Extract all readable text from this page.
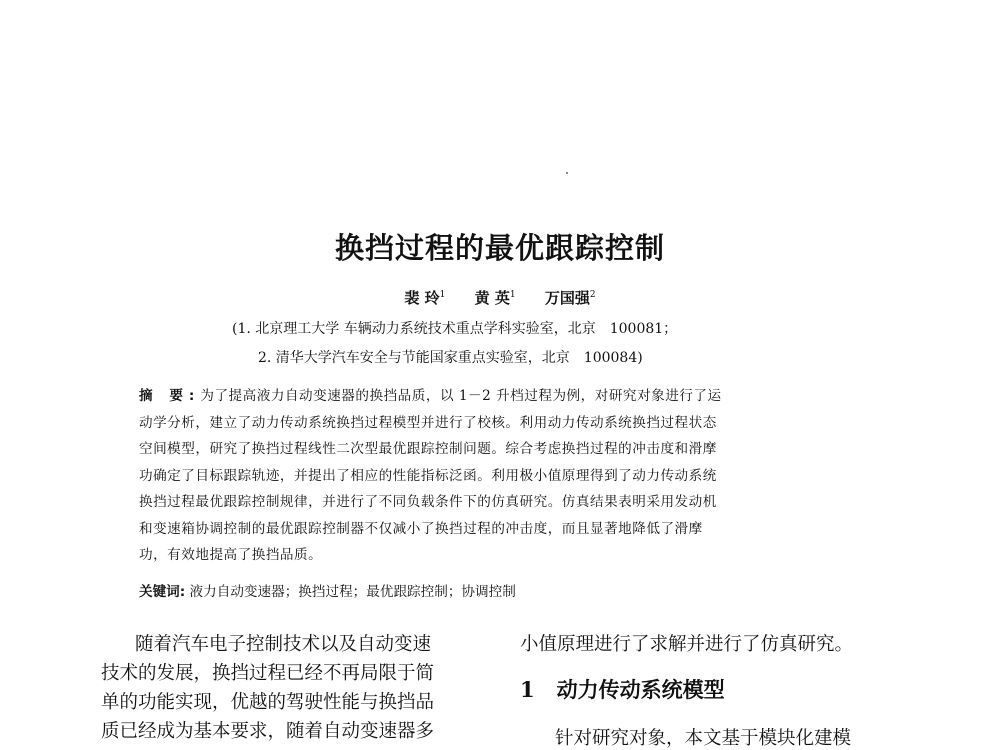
换挡过程的最优跟踪控制
裴 玲$^1$ 黄 英$^1$ 万国强$^2$
(1. 北京理工大学 车辆动力系统技术重点学科实验室，北京　100081；
2. 清华大学汽车安全与节能国家重点实验室，北京　100084)
摘 要:为了提高液力自动变速器的换挡品质，以 1－2 升档过程为例，对研究对象进行了运
动学分析，建立了动力传动系统换挡过程模型并进行了校核。利用动力传动系统换挡过程状态
空间模型，研究了换挡过程线性二次型最优跟踪控制问题。综合考虑换挡过程的冲击度和滑摩
功确定了目标跟踪轨迹，并提出了相应的性能指标泛函。利用极小值原理得到了动力传动系统
换挡过程最优跟踪控制规律，并进行了不同负载条件下的仿真研究。仿真结果表明采用发动机
和变速箱协调控制的最优跟踪控制器不仅减小了换挡过程的冲击度，而且显著地降低了滑摩
功，有效地提高了换挡品质。
关键词: 液力自动变速器；换挡过程；最优跟踪控制；协调控制
随着汽车电子控制技术以及自动变速
技术的发展，换挡过程已经不再局限于简
单的功能实现，优越的驾驶性能与换挡品
质已经成为基本要求，随着自动变速器多
小值原理进行了求解并进行了仿真研究。
1 动力传动系统模型
针对研究对象，本文基于模块化建模
